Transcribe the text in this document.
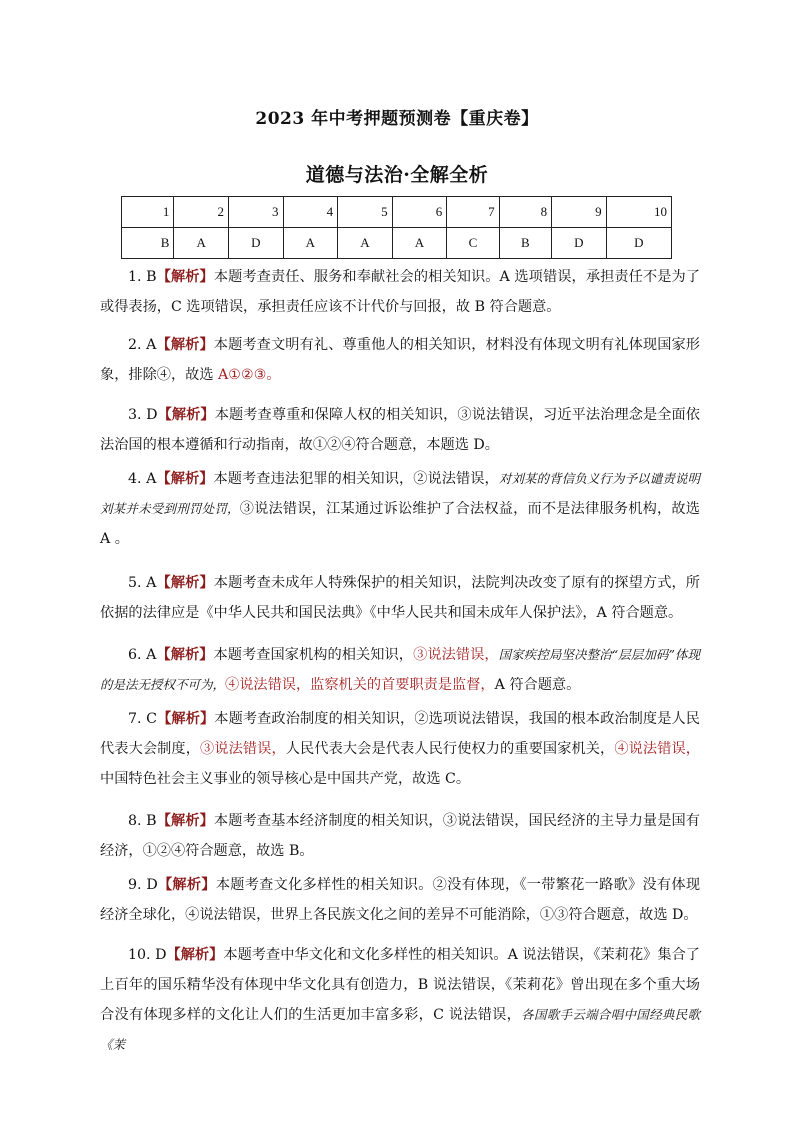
2023 年中考押题预测卷【重庆卷】
道德与法治·全解全析
1	2	3	4	5	6	7	8	9	10
B	A	D	A	A	A	C	B	D	D

1. B【解析】本题考查责任、服务和奉献社会的相关知识。A 选项错误，承担责任不是为了或得表扬，C 选项错误，承担责任应该不计代价与回报，故 B 符合题意。

2. A【解析】本题考查文明有礼、尊重他人的相关知识，材料没有体现文明有礼体现国家形象，排除④，故选 A①②③。

3. D【解析】本题考查尊重和保障人权的相关知识，③说法错误，习近平法治理念是全面依法治国的根本遵循和行动指南，故①②④符合题意，本题选 D。

4. A【解析】本题考查违法犯罪的相关知识，②说法错误，对刘某的背信负义行为予以谴责说明刘某并未受到刑罚处罚，③说法错误，江某通过诉讼维护了合法权益，而不是法律服务机构，故选 A 。

5. A【解析】本题考查未成年人特殊保护的相关知识，法院判决改变了原有的探望方式，所依据的法律应是《中华人民共和国民法典》《中华人民共和国未成年人保护法》，A 符合题意。

6. A【解析】本题考查国家机构的相关知识，③说法错误，国家疾控局坚决整治“层层加码”体现的是法无授权不可为，④说法错误，监察机关的首要职责是监督，A 符合题意。

7. C【解析】本题考查政治制度的相关知识，②选项说法错误，我国的根本政治制度是人民代表大会制度，③说法错误，人民代表大会是代表人民行使权力的重要国家机关，④说法错误，中国特色社会主义事业的领导核心是中国共产党，故选 C。

8. B【解析】本题考查基本经济制度的相关知识，③说法错误，国民经济的主导力量是国有经济，①②④符合题意，故选 B。

9. D【解析】本题考查文化多样性的相关知识。②没有体现，《一带繁花一路歌》没有体现经济全球化，④说法错误，世界上各民族文化之间的差异不可能消除，①③符合题意，故选 D。

10. D【解析】本题考查中华文化和文化多样性的相关知识。A 说法错误，《茉莉花》集合了上百年的国乐精华没有体现中华文化具有创造力，B 说法错误，《茉莉花》曾出现在多个重大场合没有体现多样的文化让人们的生活更加丰富多彩，C 说法错误，各国歌手云端合唱中国经典民歌《茉
